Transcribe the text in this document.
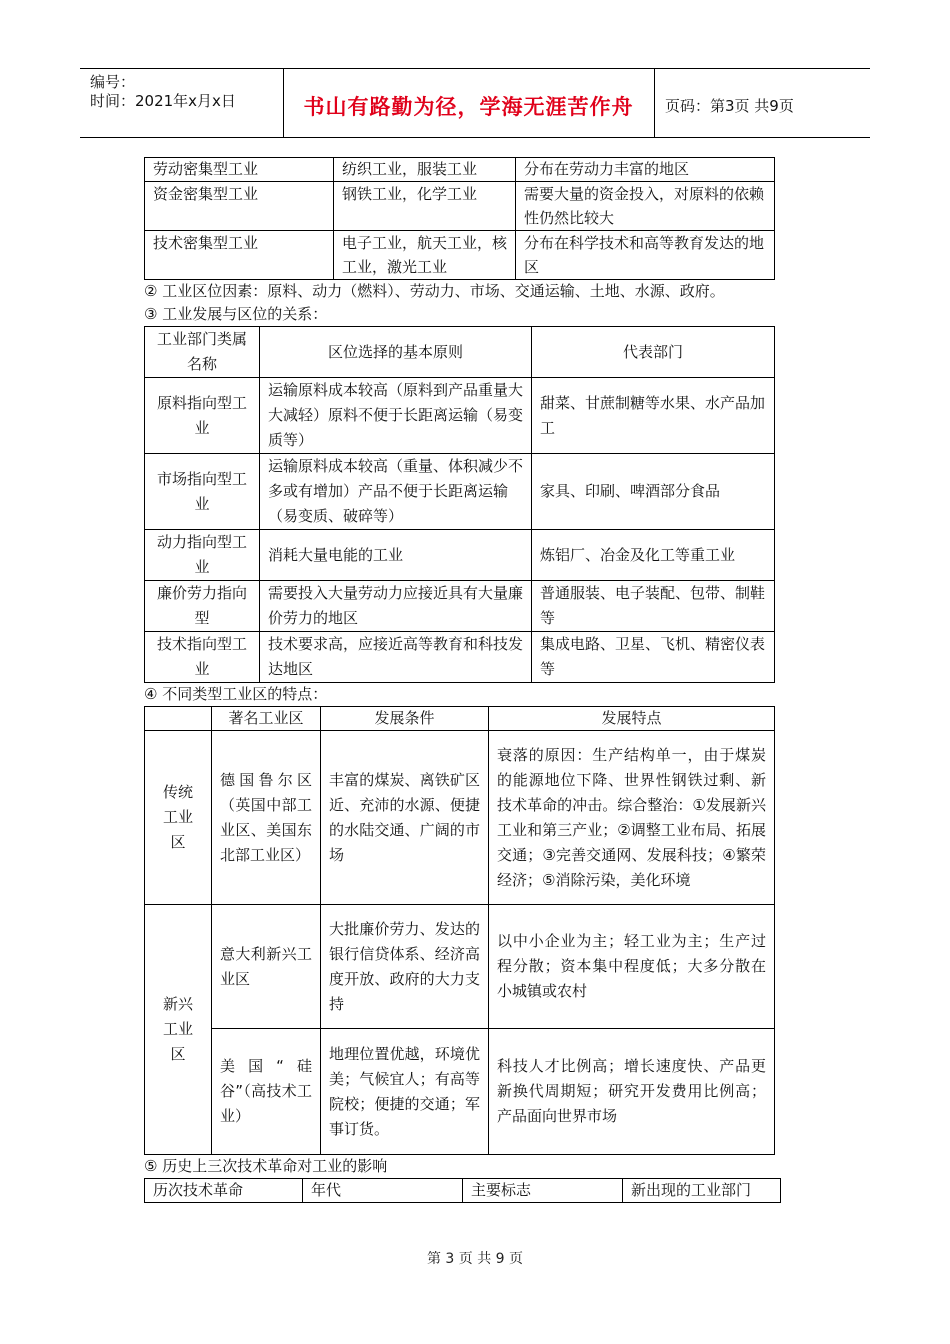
编号：
时间：2021年x月x日	书山有路勤为径，学海无涯苦作舟	页码：第3页 共9页
劳动密集型工业	纺织工业，服装工业	分布在劳动力丰富的地区
资金密集型工业	钢铁工业，化学工业	需要大量的资金投入，对原料的依赖性仍然比较大
技术密集型工业	电子工业，航天工业，核工业，激光工业	分布在科学技术和高等教育发达的地区
② 工业区位因素：原料、动力（燃料）、劳动力、市场、交通运输、土地、水源、政府。
③ 工业发展与区位的关系：
工业部门类属名称	区位选择的基本原则	代表部门
原料指向型工业	运输原料成本较高（原料到产品重量大大减轻）原料不便于长距离运输（易变质等）	甜菜、甘蔗制糖等水果、水产品加工
市场指向型工业	运输原料成本较高（重量、体积减少不多或有增加）产品不便于长距离运输（易变质、破碎等）	家具、印刷、啤酒部分食品
动力指向型工业	消耗大量电能的工业	炼铝厂、冶金及化工等重工业
廉价劳力指向型	需要投入大量劳动力应接近具有大量廉价劳力的地区	普通服装、电子装配、包带、制鞋等
技术指向型工业	技术要求高，应接近高等教育和科技发达地区	集成电路、卫星、飞机、精密仪表等
④ 不同类型工业区的特点：
	著名工业区	发展条件	发展特点
传统工业区	德国鲁尔区（英国中部工业区、美国东北部工业区）	丰富的煤炭、离铁矿区近、充沛的水源、便捷的水陆交通、广阔的市场	衰落的原因：生产结构单一，由于煤炭的能源地位下降、世界性钢铁过剩、新技术革命的冲击。综合整治：①发展新兴工业和第三产业；②调整工业布局、拓展交通；③完善交通网、发展科技；④繁荣经济；⑤消除污染，美化环境
新兴工业区	意大利新兴工业区	大批廉价劳力、发达的银行信贷体系、经济高度开放、政府的大力支持	以中小企业为主；轻工业为主；生产过程分散；资本集中程度低；大多分散在小城镇或农村
	美国“硅谷”（高技术工业）	地理位置优越，环境优美；气候宜人；有高等院校；便捷的交通；军事订货。	科技人才比例高；增长速度快、产品更新换代周期短；研究开发费用比例高；产品面向世界市场
⑤ 历史上三次技术革命对工业的影响
历次技术革命	年代	主要标志	新出现的工业部门
第 3 页 共 9 页
